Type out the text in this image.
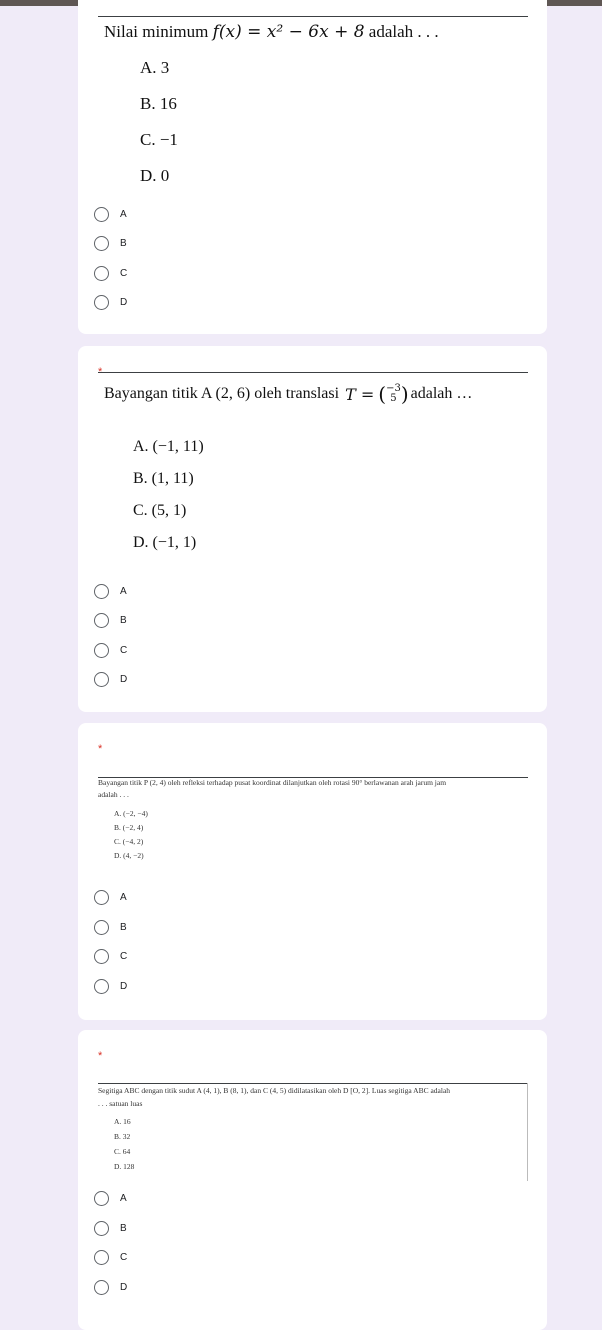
Nilai minimum f(x) = x² − 6x + 8 adalah . . .
A. 3
B. 16
C. −1
D. 0
A
B
C
D
*
Bayangan titik A (2, 6) oleh translasi T = ( −3
5 ) adalah …
A. (−1, 11)
B. (1, 11)
C. (5, 1)
D. (−1, 1)
A
B
C
D
*
Bayangan titik P (2, 4) oleh refleksi terhadap pusat koordinat dilanjutkan oleh rotasi 90° berlawanan arah jarum jam
adalah . . .
A. (−2, −4)
B. (−2, 4)
C. (−4, 2)
D. (4, −2)
A
B
C
D
*
Segitiga ABC dengan titik sudut A (4, 1), B (8, 1), dan C (4, 5) didilatasikan oleh D [O, 2]. Luas segitiga ABC adalah
. . . satuan luas
A. 16
B. 32
C. 64
D. 128
A
B
C
D
